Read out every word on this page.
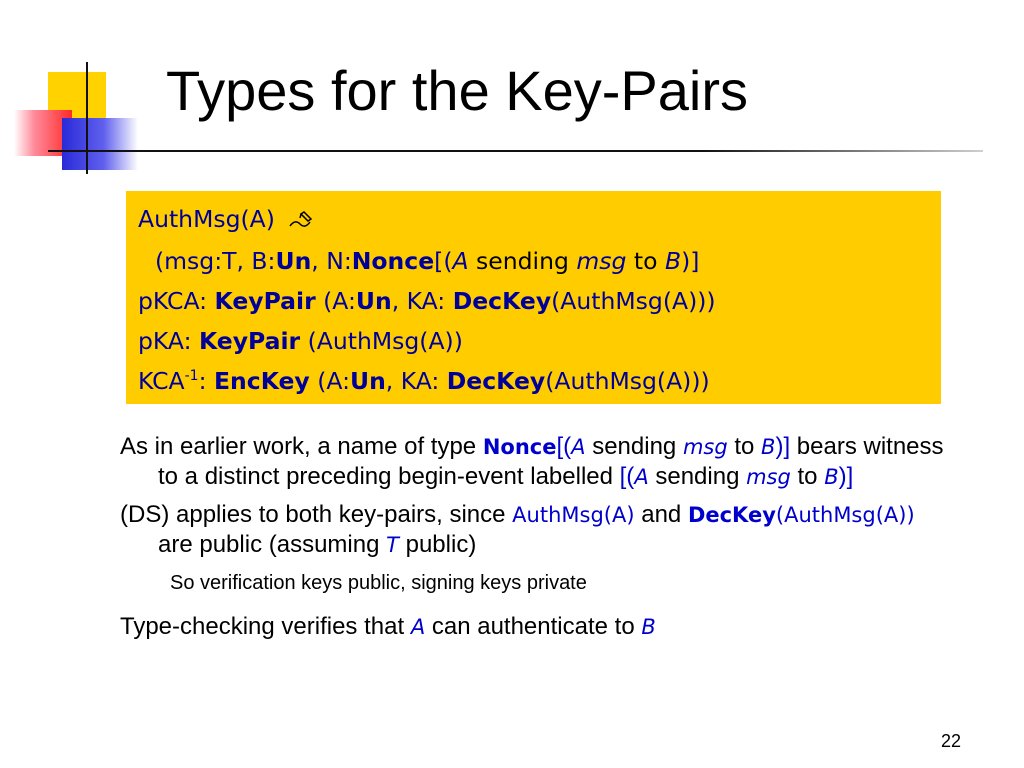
Types for the Key-Pairs
AuthMsg(A)
(msg:T, B:Un, N:Nonce[(A sending msg to B)]
pKCA: KeyPair (A:Un, KA: DecKey(AuthMsg(A)))
pKA: KeyPair (AuthMsg(A))
$KCA^{-1}$: EncKey (A:Un, KA: DecKey(AuthMsg(A)))
As in earlier work, a name of type Nonce[(A sending msg to B)] bears witness to a distinct preceding begin-event labelled [(A sending msg to B)]
(DS) applies to both key-pairs, since AuthMsg(A) and DecKey(AuthMsg(A)) are public (assuming T public)
So verification keys public, signing keys private
Type-checking verifies that A can authenticate to B
22
